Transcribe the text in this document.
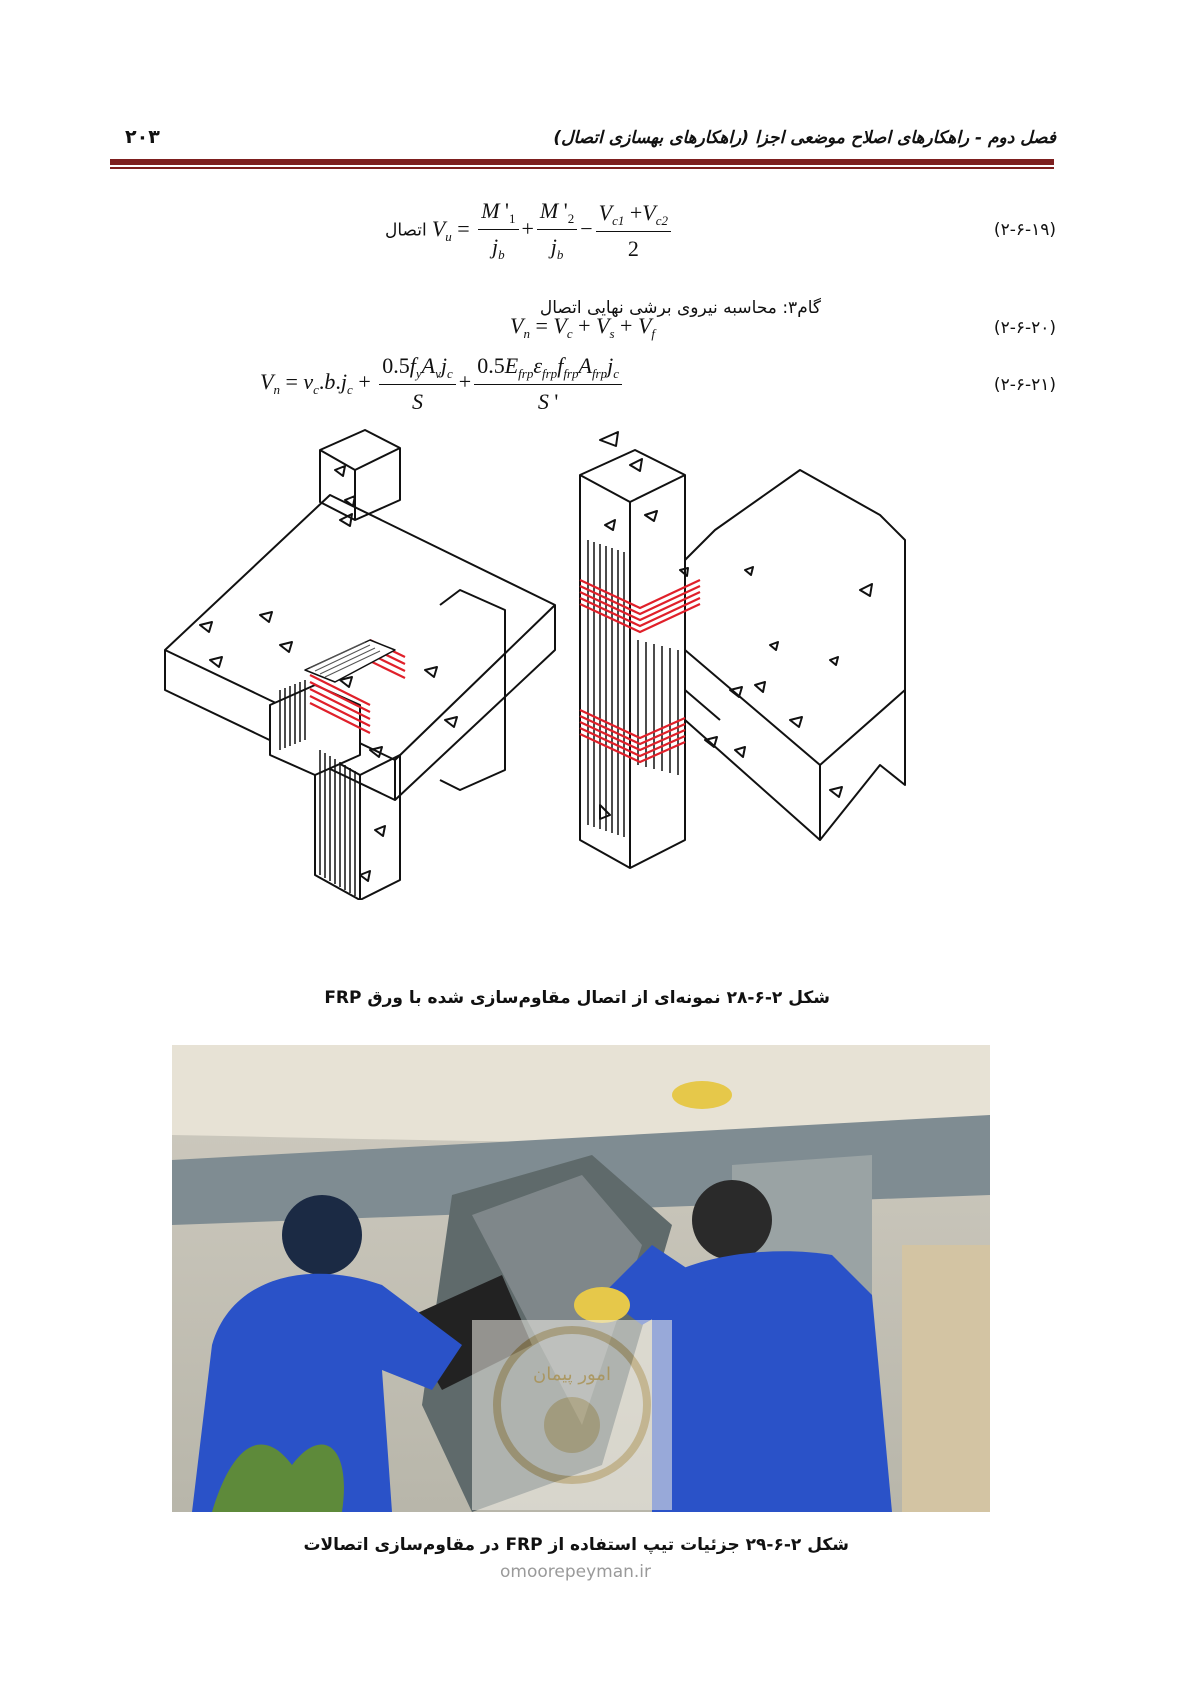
فصل دوم - راهکارهای اصلاح موضعی اجزا (راهکارهای بهسازی اتصال)
۲۰۳
(۲-۶-۱۹)
اتصال $V_u = \frac{M '_1}{j_b} + \frac{M '_2}{j_b} - \frac{V_{c1} +V_{c2}}{2}$
گام۳: محاسبه نیروی برشی نهایی اتصال
(۲-۶-۲۰)
$V_n = V_c + V_s + V_f$
(۲-۶-۲۱)
$V_n = v_c.b.j_c + \frac{0.5f_yA_vj_c}{S} + \frac{0.5E_{frp}\varepsilon_{frp}f_{frp}A_{frp}j_c}{S '}$
شکل ۲-۶-۲۸ نمونه‌ای از اتصال مقاوم‌سازی شده با ورق FRP
امور پیمان
شکل ۲-۶-۲۹ جزئیات تیپ استفاده از FRP در مقاوم‌سازی اتصالات
omoorepeyman.ir
